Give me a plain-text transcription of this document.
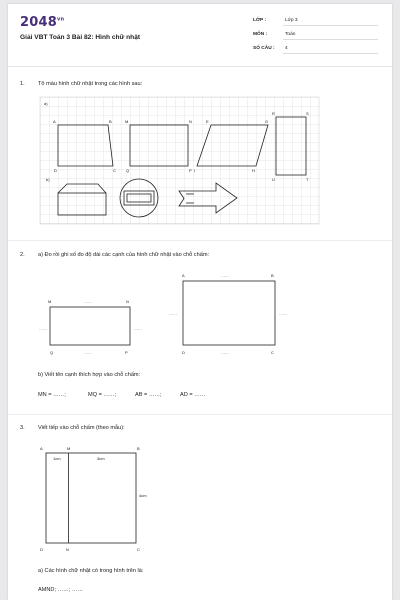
$2048^{vn}$
Giải VBT Toán 3 Bài 82: Hình chữ nhật
LỚP :	Lớp 3
MÔN :	Toán
SỐ CÂU : 4
1. Tô màu hình chữ nhật trong các hình sau:
a)
b)
A	B
C
D
M	N
P
Q
E	G
H
I
R	S
U	T
2. a) Đo rồi ghi số đo độ dài các cạnh của hình chữ nhật vào chỗ chấm:
M	N
Q	P
……
……
……	……
A	B
D	C
……
……
……	……
b) Viết tên cạnh thích hợp vào chỗ chấm:
MN = ……;	MQ = ……;	AB = ……;	AD = ……
3. Viết tiếp vào chỗ chấm (theo mẫu):
A	M	B
D	N	C
1cm	3cm
4cm
a) Các hình chữ nhật có trong hình trên là:
AMND; ……; ……
